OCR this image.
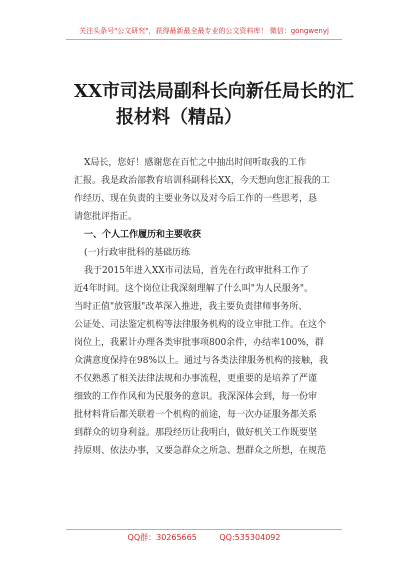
关注头条号"公文研究"，获得最新最全最专业的公文资料库！ 微信：gongwenyj
XX市司法局副科长向新任局长的汇
报材料（精品）

X局长，您好！感谢您在百忙之中抽出时间听取我的工作

汇报。我是政治部教育培训科副科长XX，今天想向您汇报我的工

作经历、现在负责的主要业务以及对今后工作的一些思考，恳

请您批评指正。

一、个人工作履历和主要收获

(一)行政审批科的基础历练

我于2015年进入XX市司法局，首先在行政审批科工作了

近4年时间。这个岗位让我深刻理解了什么叫"为人民服务"。

当时正值"放管服"改革深入推进，我主要负责律师事务所、

公证处、司法鉴定机构等法律服务机构的设立审批工作。在这个

岗位上，我累计办理各类审批事项800余件，办结率100%，群

众满意度保持在98%以上。通过与各类法律服务机构的接触，我

不仅熟悉了相关法律法规和办事流程，更重要的是培养了严谨

细致的工作作风和为民服务的意识。我深深体会到，每一份审

批材料背后都关联着一个机构的前途，每一次办证服务都关系

到群众的切身利益。那段经历让我明白，做好机关工作既要坚

持原则、依法办事，又要急群众之所急、想群众之所想，在规范

QQ群：30265665	QQ:535304092
